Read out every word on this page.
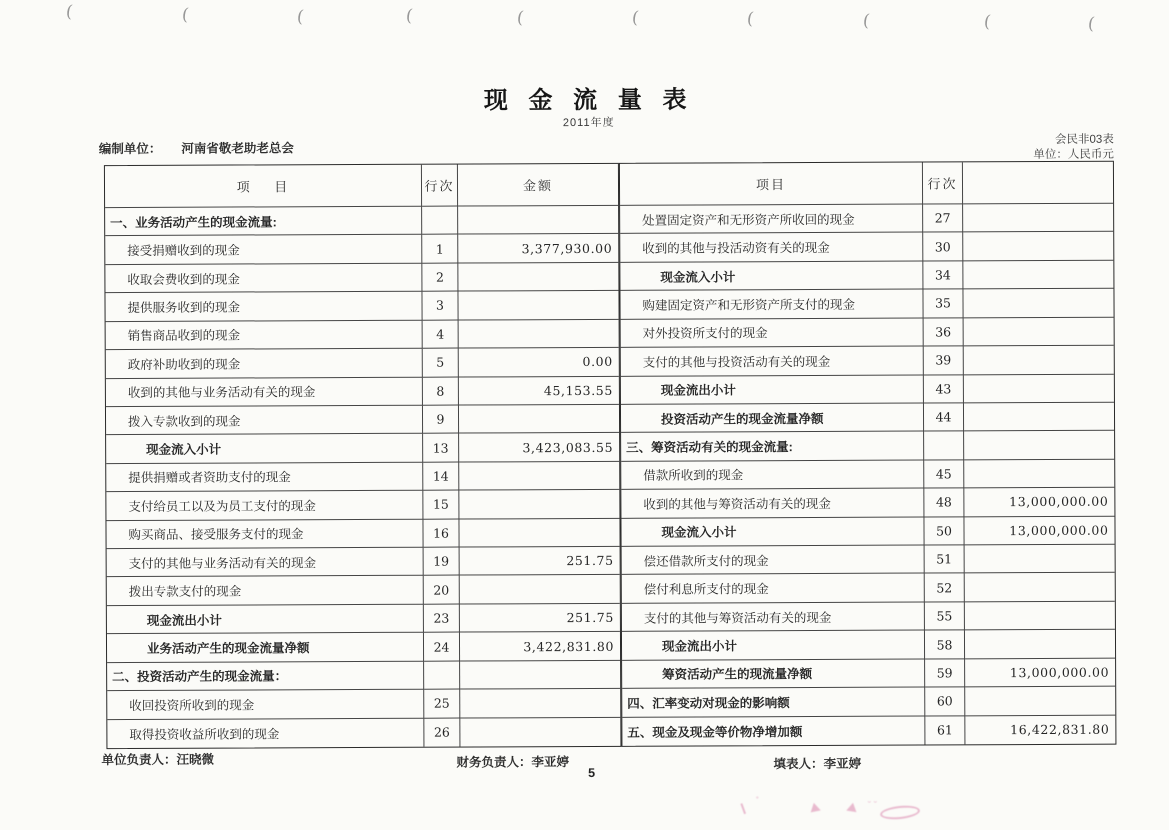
(	(	(	(	(	(	(	(	(	(
现 金 流 量 表
2011年度
编制单位： 河南省敬老助老总会
会民非03表
单位：人民币元
项    目	行次	金额
一、业务活动产生的现金流量:
接受捐赠收到的现金	1	3,377,930.00
收取会费收到的现金	2
提供服务收到的现金	3
销售商品收到的现金	4
政府补助收到的现金	5	0.00
收到的其他与业务活动有关的现金	8	45,153.55
拨入专款收到的现金	9
现金流入小计	13	3,423,083.55
提供捐赠或者资助支付的现金	14
支付给员工以及为员工支付的现金	15
购买商品、接受服务支付的现金	16
支付的其他与业务活动有关的现金	19	251.75
拨出专款支付的现金	20
现金流出小计	23	251.75
业务活动产生的现金流量净额	24	3,422,831.80
二、投资活动产生的现金流量：
收回投资所收到的现金	25
取得投资收益所收到的现金	26
项目	行次
处置固定资产和无形资产所收回的现金	27
收到的其他与投活动资有关的现金	30
现金流入小计	34
购建固定资产和无形资产所支付的现金	35
对外投资所支付的现金	36
支付的其他与投资活动有关的现金	39
现金流出小计	43
投资活动产生的现金流量净额	44
三、筹资活动有关的现金流量:
借款所收到的现金	45
收到的其他与筹资活动有关的现金	48	13,000,000.00
现金流入小计	50	13,000,000.00
偿还借款所支付的现金	51
偿付利息所支付的现金	52
支付的其他与筹资活动有关的现金	55
现金流出小计	58
筹资活动产生的现流量净额	59	13,000,000.00
四、汇率变动对现金的影响额	60
五、现金及现金等价物净增加额	61	16,422,831.80
单位负责人：汪晓微	财务负责人：李亚婷	填表人：李亚婷
5
˚	˘˘
